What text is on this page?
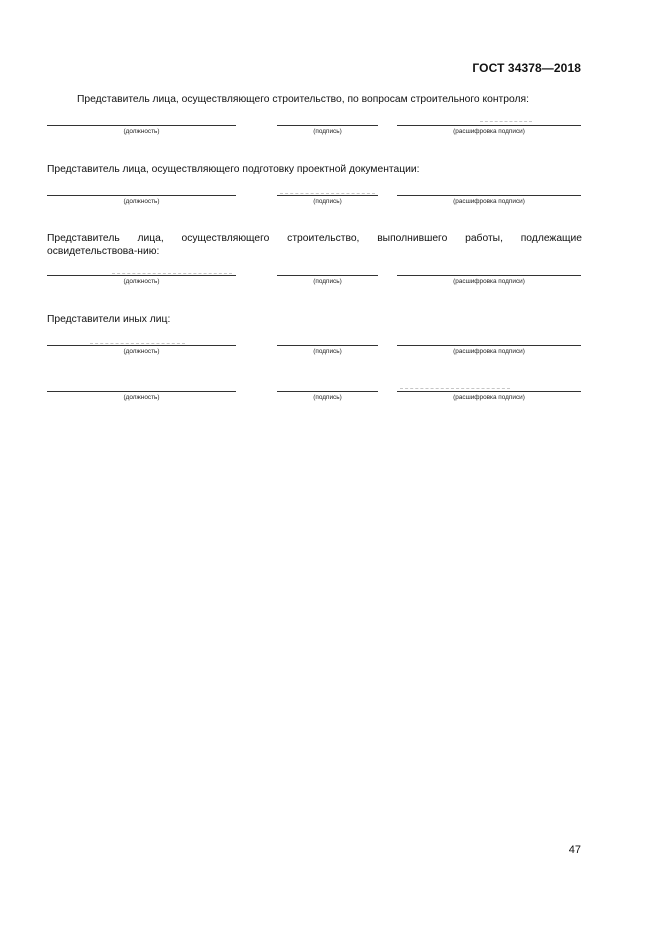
ГОСТ 34378—2018
Представитель лица, осуществляющего строительство, по вопросам строительного контроля:
(должность)	(подпись)	(расшифровка подписи)
Представитель лица, осуществляющего подготовку проектной документации:
(должность)	(подпись)	(расшифровка подписи)
Представитель лица, осуществляющего строительство, выполнившего работы, подлежащие освидетельствова-нию:
(должность)	(подпись)	(расшифровка подписи)
Представители иных лиц:
(должность)	(подпись)	(расшифровка подписи)
(должность)	(подпись)	(расшифровка подписи)
47
